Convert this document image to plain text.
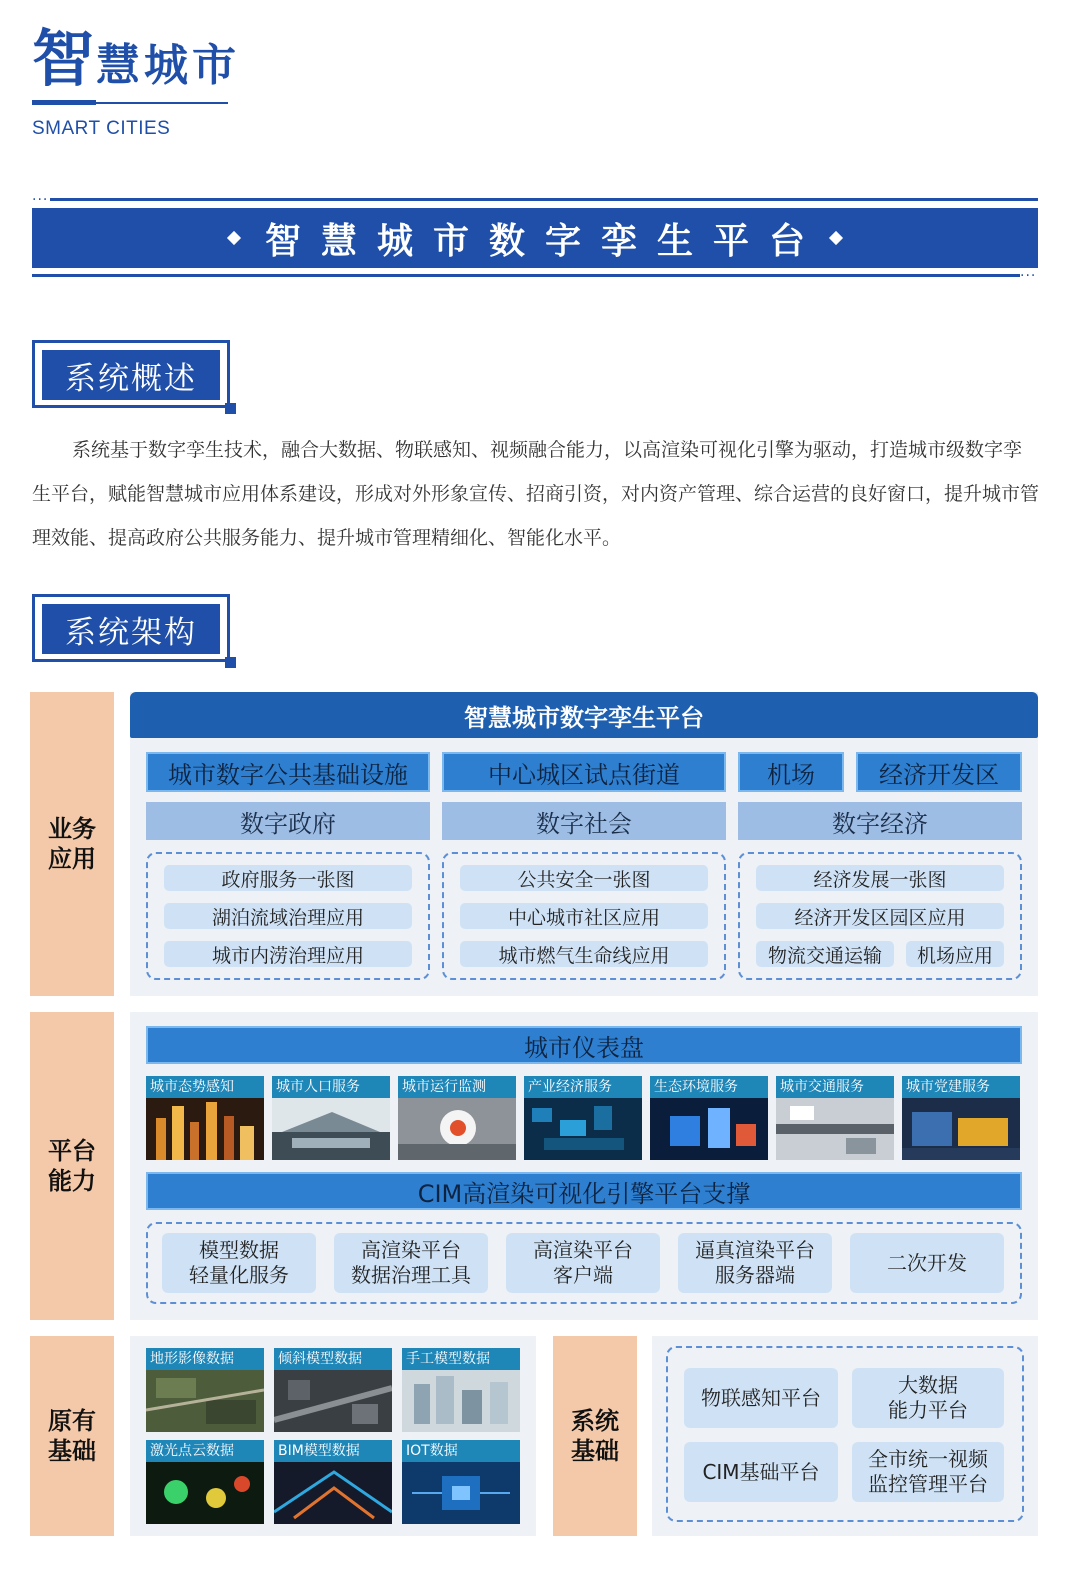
智 慧城市
SMART CITIES
···
智慧城市数字孪生平台
···
系统概述
系统基于数字孪生技术，融合大数据、物联感知、视频融合能力，以高渲染可视化引擎为驱动，打造城市级数字孪生平台，赋能智慧城市应用体系建设，形成对外形象宣传、招商引资，对内资产管理、综合运营的良好窗口，提升城市管理效能、提高政府公共服务能力、提升城市管理精细化、智能化水平。
系统架构
业务
应用
智慧城市数字孪生平台
城市数字公共基础设施	中心城区试点街道	机场	经济开发区
数字政府	数字社会	数字经济
政府服务一张图
湖泊流域治理应用
城市内涝治理应用
公共安全一张图
中心城市社区应用
城市燃气生命线应用
经济发展一张图
经济开发区园区应用
物流交通运输	机场应用
平台
能力
城市仪表盘
城市态势感知	城市人口服务	城市运行监测	产业经济服务	生态环境服务	城市交通服务	城市党建服务
CIM高渲染可视化引擎平台支撑
模型数据
轻量化服务
高渲染平台
数据治理工具
高渲染平台
客户端
逼真渲染平台
服务器端
二次开发
原有
基础
地形影像数据	倾斜模型数据	手工模型数据
激光点云数据	BIM模型数据	IOT数据
系统
基础
物联感知平台
大数据
能力平台
CIM基础平台
全市统一视频
监控管理平台
